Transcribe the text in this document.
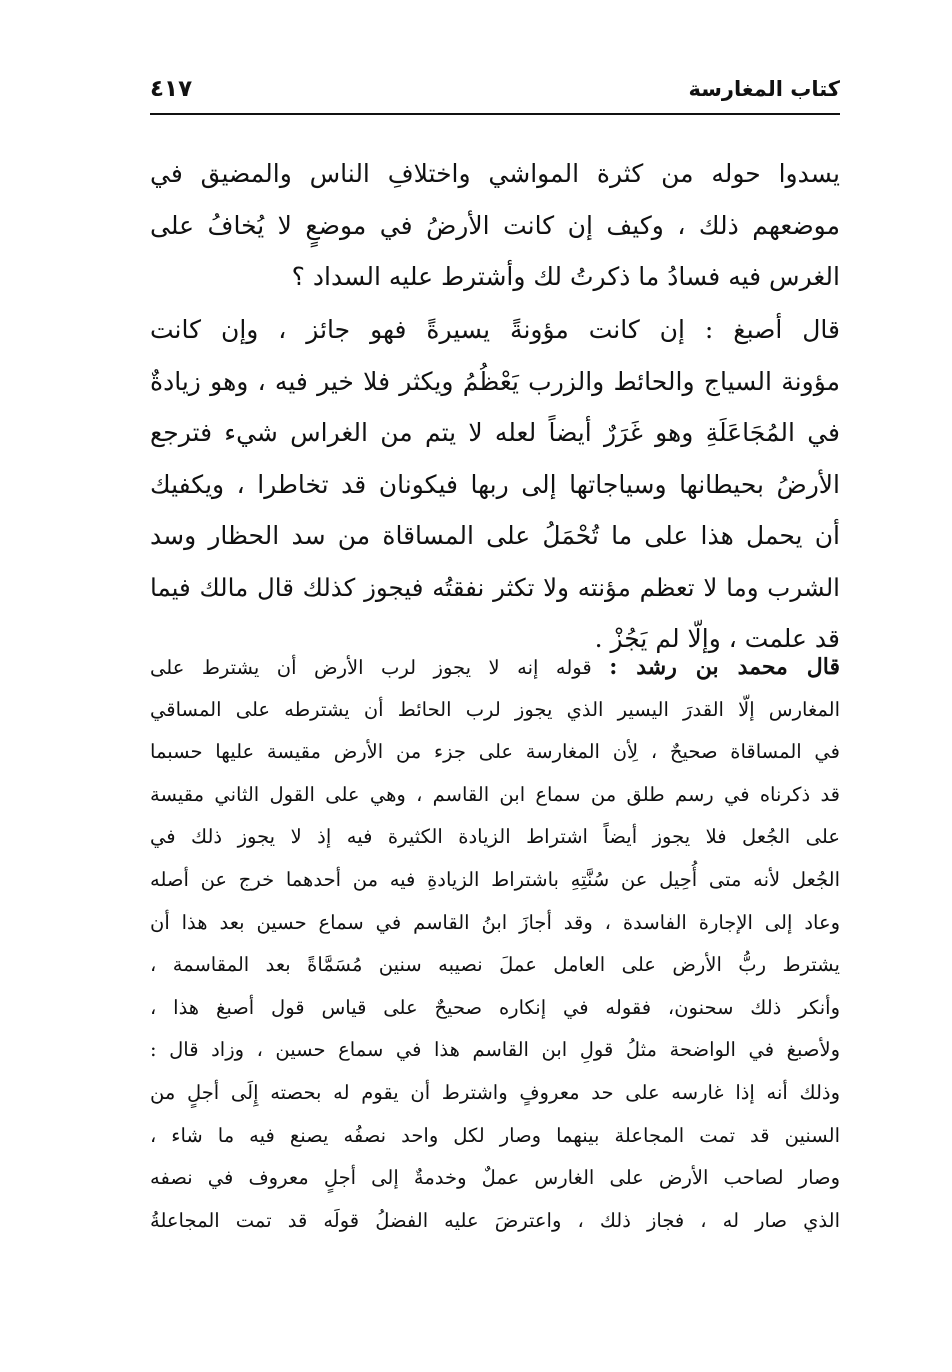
كتاب المغارسة
٤١٧
يسدوا حوله من كثرة المواشي واختلافِ الناس والمضيق في
موضعهم ذلك ، وكيف إن كانت الأرضُ في موضعٍ لا يُخافُ على
الغرس فيه فسادُ ما ذكرتُ لك وأشترط عليه السداد ؟
قال أصبغ : إن كانت مؤونةً يسيرةً فهو جائز ، وإن كانت
مؤونة السياج والحائط والزرب يَعْظُمُ ويكثر فلا خير فيه ، وهو زيادةٌ
في المُجَاعَلَةِ وهو غَرَرٌ أيضاً لعله لا يتم من الغراس شيء فترجع
الأرضُ بحيطانها وسياجاتها إلى ربها فيكونان قد تخاطرا ، ويكفيك
أن يحمل هذا على ما تُحْمَلُ على المساقاة من سد الحظار وسد
الشرب وما لا تعظم مؤنته ولا تكثر نفقتُه فيجوز كذلك قال مالك فيما
قد علمت ، وإلّا لم يَجُزْ .
قال محمد بن رشد : قوله إنه لا يجوز لرب الأرض أن يشترط على
المغارس إلّا القدرَ اليسير الذي يجوز لرب الحائط أن يشترطه على المساقي
في المساقاة صحيحٌ ، لِأن المغارسة على جزء من الأرض مقيسة عليها حسبما
قد ذكرناه في رسم طلق من سماع ابن القاسم ، وهي على القول الثاني مقيسة
على الجُعل فلا يجوز أيضاً اشتراط الزيادة الكثيرة فيه إذ لا يجوز ذلك في
الجُعل لأنه متى أُحِيل عن سُنَّتِهِ باشتراط الزيادةِ فيه من أحدهما خرج عن أصله
وعاد إلى الإجارة الفاسدة ، وقد أجازَ ابنُ القاسم في سماع حسين بعد هذا أن
يشترط ربُّ الأرض على العامل عملَ نصيبه سنين مُسَمَّاةً بعد المقاسمة ،
وأنكر ذلك سحنون، فقوله في إنكاره صحيحٌ على قياس قول أصبغ هذا ،
ولأصبغ في الواضحة مثلُ قولِ ابن القاسم هذا في سماع حسين ، وزاد قال :
وذلك أنه إذا غارسه على حد معروفٍ واشترط أن يقوم له بحصته إِلَى أجلٍ من
السنين قد تمت المجاعلة بينهما وصار لكل واحد نصفُه يصنع فيه ما شاء ،
وصار لصاحب الأرض على الغارس عملٌ وخدمةٌ إلى أجلٍ معروف في نصفه
الذي صار له ، فجاز ذلك ، واعترضَ عليه الفضلُ قولَه قد تمت المجاعلةُ
